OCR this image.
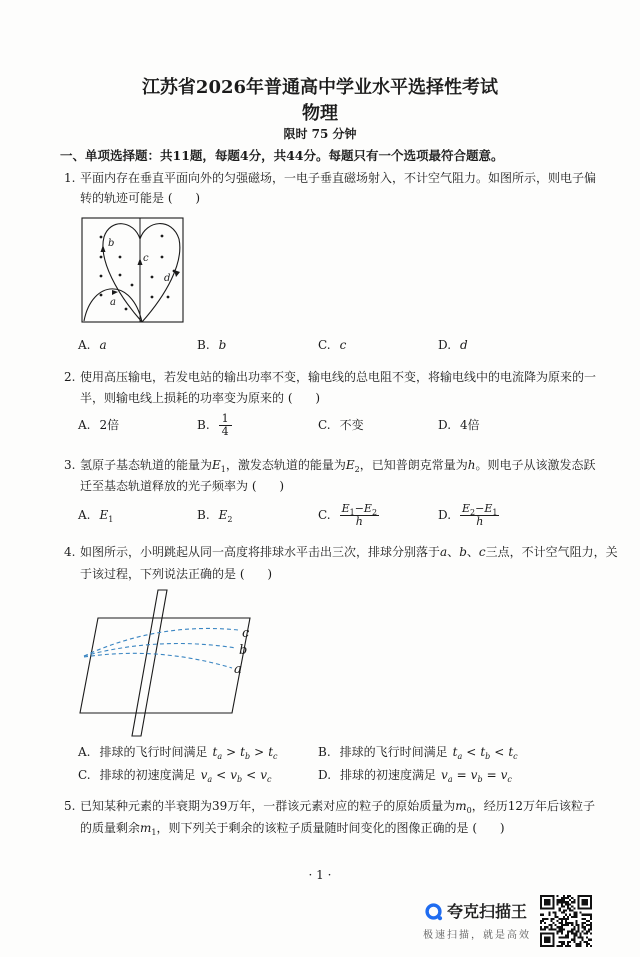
江苏省2026年普通高中学业水平选择性考试
物理
限时 75 分钟
一、单项选择题：共11题，每题4分，共44分。每题只有一个选项最符合题意。
1. 平面内存在垂直平面向外的匀强磁场，一电子垂直磁场射入，不计空气阻力。如图所示，则电子偏
转的轨迹可能是 (      )
b
c
d
a
A. a	B. b	C. c	D. d
2. 使用高压输电，若发电站的输出功率不变，输电线的总电阻不变，将输电线中的电流降为原来的一
半，则输电线上损耗的功率变为原来的 (      )
A. 2倍	B. $\frac{1}{4}$	C. 不变	D. 4倍
3. 氢原子基态轨道的能量为$E_1$，激发态轨道的能量为$E_2$，已知普朗克常量为h。则电子从该激发态跃
迁至基态轨道释放的光子频率为 (      )
A. $E_1$	B. $E_2$	C. $\frac{E_1-E_2}{h}$	D. $\frac{E_2-E_1}{h}$
4. 如图所示，小明跳起从同一高度将排球水平击出三次，排球分别落于a、b、c三点，不计空气阻力，关
于该过程，下列说法正确的是 (      )
c
b
a
A. 排球的飞行时间满足 $t_a > t_b > t_c$	B. 排球的飞行时间满足 $t_a < t_b < t_c$
C. 排球的初速度满足 $v_a < v_b < v_c$	D. 排球的初速度满足 $v_a = v_b = v_c$
5. 已知某种元素的半衰期为39万年，一群该元素对应的粒子的原始质量为$m_0$，经历12万年后该粒子
的质量剩余$m_1$，则下列关于剩余的该粒子质量随时间变化的图像正确的是 (      )
· 1 ·
夸克扫描王
极速扫描，就是高效
